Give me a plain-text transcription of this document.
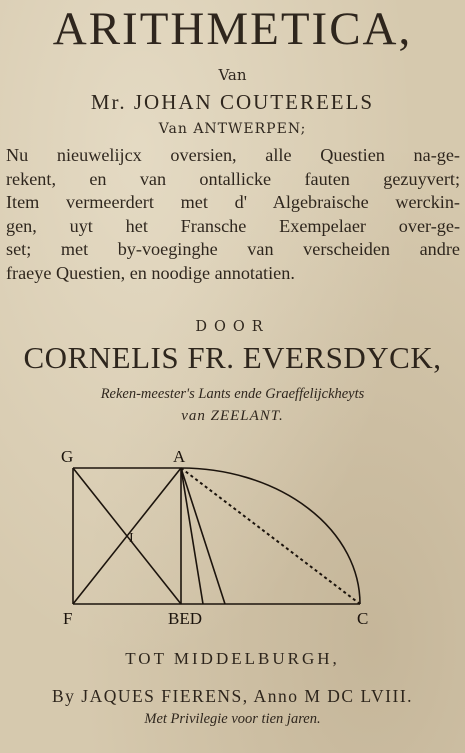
ARITHMETICA,
Van
Mr. JOHAN COUTEREELS
Van ANTWERPEN;
Nu nieuwelijcx oversien, alle Questien na-ge-
rekent, en van ontallicke fauten gezuyvert;
Item vermeerdert met d' Algebraische werckin-
gen, uyt het Fransche Exempelaer over-ge-
set; met by-voeginghe van verscheiden andre
fraeye Questien, en noodige annotatien.
DOOR
CORNELIS FR. EVERSDYCK,
Reken-meester's Lants ende Graeffelijckheyts
van ZEELANT.
G	A
I
F	BED	C
TOT MIDDELBURGH,
By JAQUES FIERENS, Anno M DC LVIII.
Met Privilegie voor tien jaren.
